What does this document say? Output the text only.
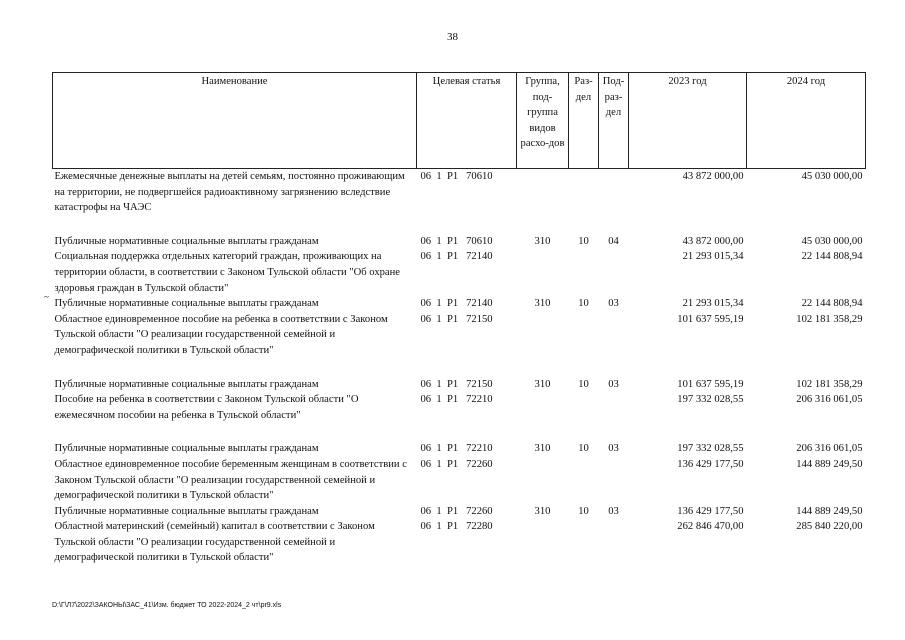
38
~
Наименование	Целевая статья	Группа, под-группа видов расхо-дов	Раз-дел	Под-раз-дел	2023 год	2024 год
Ежемесячные денежные выплаты на детей семьям, постоянно проживающим на территории, не подвергшейся радиоактивному загрязнению вследствие катастрофы на ЧАЭС	06  1  P1   70610				43 872 000,00	45 030 000,00

Публичные нормативные социальные выплаты гражданам	06  1  P1   70610	310	10	04	43 872 000,00	45 030 000,00
Социальная поддержка отдельных категорий граждан, проживающих на территории области, в соответствии с Законом Тульской области "Об охране здоровья граждан в Тульской области"	06  1  P1   72140				21 293 015,34	22 144 808,94
Публичные нормативные социальные выплаты гражданам	06  1  P1   72140	310	10	03	21 293 015,34	22 144 808,94
Областное единовременное пособие на ребенка в соответствии с Законом Тульской области "О реализации государственной семейной и демографической политики в Тульской области"	06  1  P1   72150				101 637 595,19	102 181 358,29

Публичные нормативные социальные выплаты гражданам	06  1  P1   72150	310	10	03	101 637 595,19	102 181 358,29
Пособие на ребенка в соответствии с Законом Тульской области "О ежемесячном пособии на ребенка в Тульской области"	06  1  P1   72210				197 332 028,55	206 316 061,05

Публичные нормативные социальные выплаты гражданам	06  1  P1   72210	310	10	03	197 332 028,55	206 316 061,05
Областное единовременное пособие беременным женщинам в соответствии с Законом Тульской области "О реализации государственной семейной и демографической политики в Тульской области"	06  1  P1   72260				136 429 177,50	144 889 249,50
Публичные нормативные социальные выплаты гражданам	06  1  P1   72260	310	10	03	136 429 177,50	144 889 249,50
Областной материнский (семейный) капитал в соответствии с Законом Тульской области "О реализации государственной семейной и демографической политики в Тульской области"	06  1  P1   72280				262 846 470,00	285 840 220,00
D:\Г\Л7\2022\ЗАКОНЫ\ЗАС_41\Изм. бюджет ТО 2022-2024_2 чт\pr9.xls
